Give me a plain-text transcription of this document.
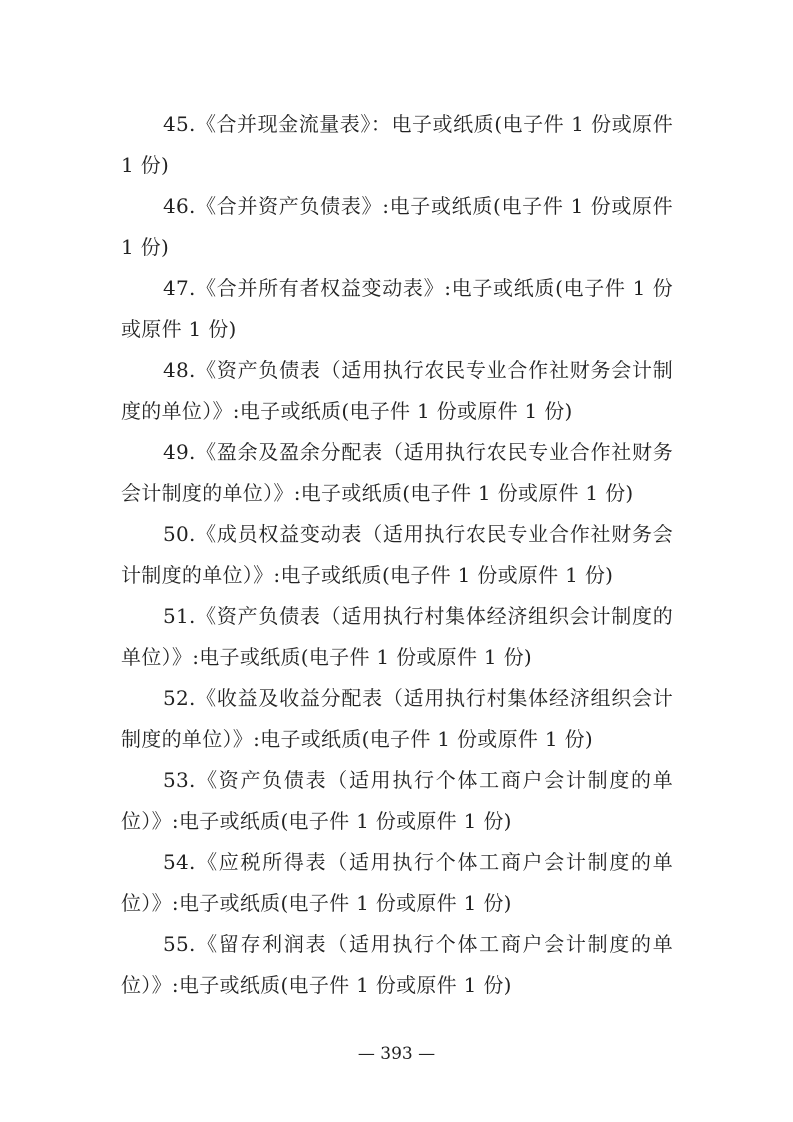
45.《合并现金流量表》：电子或纸质(电子件 1 份或原件 1 份)

46.《合并资产负债表》:电子或纸质(电子件 1 份或原件 1 份)

47.《合并所有者权益变动表》:电子或纸质(电子件 1 份或原件 1 份)

48.《资产负债表（适用执行农民专业合作社财务会计制度的单位）》:电子或纸质(电子件 1 份或原件 1 份)

49.《盈余及盈余分配表（适用执行农民专业合作社财务会计制度的单位）》:电子或纸质(电子件 1 份或原件 1 份)

50.《成员权益变动表（适用执行农民专业合作社财务会计制度的单位）》:电子或纸质(电子件 1 份或原件 1 份)

51.《资产负债表（适用执行村集体经济组织会计制度的单位）》:电子或纸质(电子件 1 份或原件 1 份)

52.《收益及收益分配表（适用执行村集体经济组织会计制度的单位）》:电子或纸质(电子件 1 份或原件 1 份)

53.《资产负债表（适用执行个体工商户会计制度的单位）》:电子或纸质(电子件 1 份或原件 1 份)

54.《应税所得表（适用执行个体工商户会计制度的单位）》:电子或纸质(电子件 1 份或原件 1 份)

55.《留存利润表（适用执行个体工商户会计制度的单位）》:电子或纸质(电子件 1 份或原件 1 份)

— 393 —
